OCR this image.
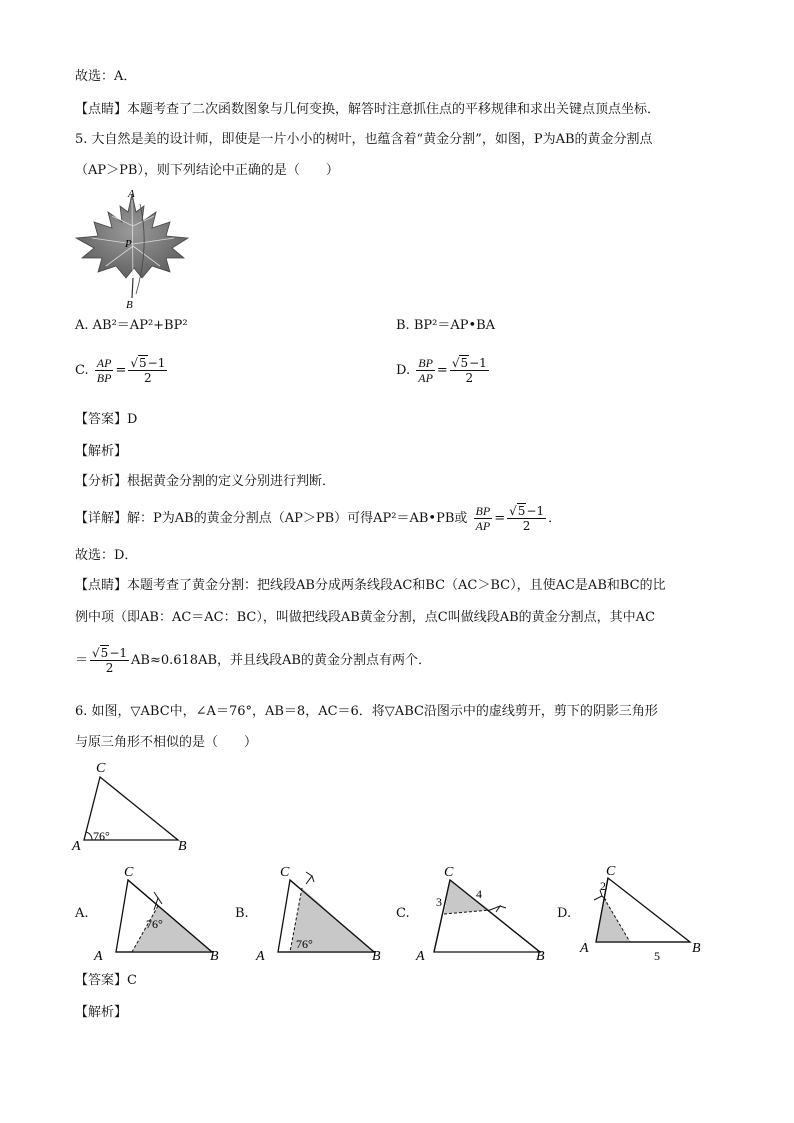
故选：A．
【点睛】本题考查了二次函数图象与几何变换，解答时注意抓住点的平移规律和求出关键点顶点坐标．
5. 大自然是美的设计师，即使是一片小小的树叶，也蕴含着“黄金分割”，如图，P为AB的黄金分割点
（AP＞PB），则下列结论中正确的是（　　）
A
P
B
A. AB²＝AP²+BP²	B. BP²＝AP•BA
C. $\frac{AP}{BP} = \frac{√5-1}{2}$	D. $\frac{BP}{AP} = \frac{√5-1}{2}$
【答案】D
【解析】
【分析】根据黄金分割的定义分别进行判断．
【详解】解：P为AB的黄金分割点（AP＞PB）可得AP²＝AB•PB或 $\frac{BP}{AP} = \frac{√5-1}{2}$ ．
故选：D．
【点睛】本题考查了黄金分割：把线段AB分成两条线段AC和BC（AC＞BC），且使AC是AB和BC的比
例中项（即AB：AC＝AC：BC），叫做把线段AB黄金分割，点C叫做线段AB的黄金分割点，其中AC
＝ $\frac{√5-1}{2} AB\approx 0.618AB$，并且线段AB的黄金分割点有两个．
6. 如图，▽ABC中，∠A＝76°，AB＝8，AC＝6．将▽ABC沿图示中的虚线剪开，剪下的阴影三角形
与原三角形不相似的是（　　）
C
A	B
76°
A.
C
A	B
76°
B.
C
A	B
76°
C.
C
A	B
3
4
D.
C
A	B
2
5
【答案】C
【解析】
